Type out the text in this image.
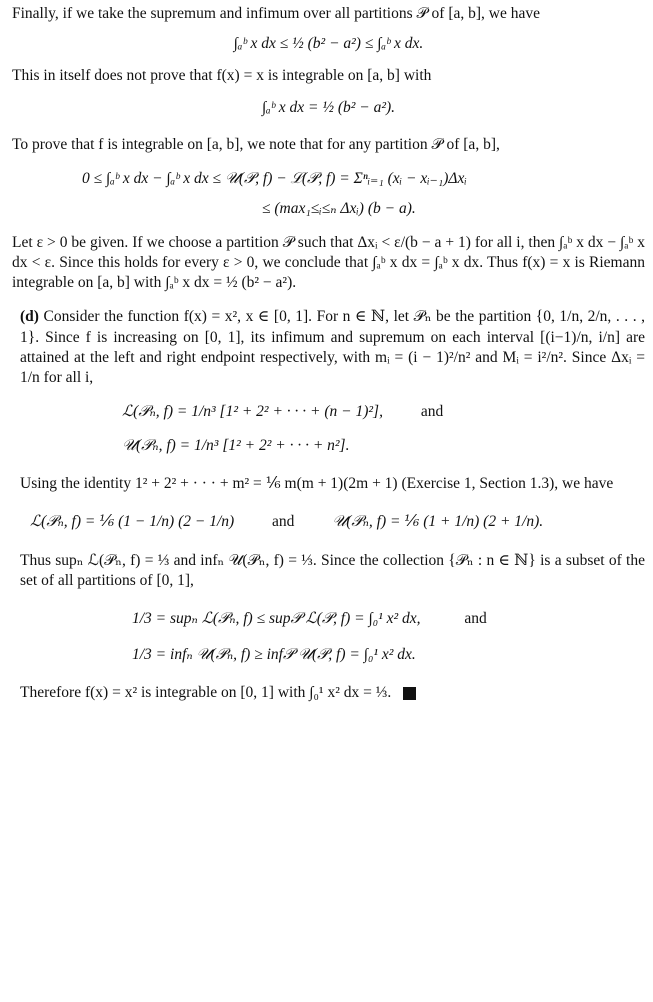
Finally, if we take the supremum and infimum over all partitions 𝒫 of [a, b], we have
∫ₐᵇ x dx ≤ ½ (b² − a²) ≤ ∫ₐᵇ x dx.
This in itself does not prove that f(x) = x is integrable on [a, b] with
∫ₐᵇ x dx = ½ (b² − a²).
To prove that f is integrable on [a, b], we note that for any partition 𝒫 of [a, b],
0 ≤ ∫ₐᵇ x dx − ∫ₐᵇ x dx ≤ 𝒰(𝒫, f) − ℒ(𝒫, f) = Σⁿᵢ₌₁ (xᵢ − xᵢ₋₁)Δxᵢ
≤ (max₁≤ᵢ≤ₙ Δxᵢ) (b − a).
Let ε > 0 be given. If we choose a partition 𝒫 such that Δxᵢ < ε/(b − a + 1) for all i, then ∫ₐᵇ x dx − ∫ₐᵇ x dx < ε. Since this holds for every ε > 0, we conclude that ∫ₐᵇ x dx = ∫ₐᵇ x dx. Thus f(x) = x is Riemann integrable on [a, b] with ∫ₐᵇ x dx = ½ (b² − a²).
(d) Consider the function f(x) = x², x ∈ [0, 1]. For n ∈ ℕ, let 𝒫ₙ be the partition {0, 1/n, 2/n, . . . , 1}. Since f is increasing on [0, 1], its infimum and supremum on each interval [(i−1)/n, i/n] are attained at the left and right endpoint respectively, with mᵢ = (i − 1)²/n² and Mᵢ = i²/n². Since Δxᵢ = 1/n for all i,
ℒ(𝒫ₙ, f) = 1/n³ [1² + 2² + · · · + (n − 1)²], and
𝒰(𝒫ₙ, f) = 1/n³ [1² + 2² + · · · + n²].
Using the identity 1² + 2² + · · · + m² = ⅙ m(m + 1)(2m + 1) (Exercise 1, Section 1.3), we have
ℒ(𝒫ₙ, f) = ⅙ (1 − 1/n) (2 − 1/n) and 𝒰(𝒫ₙ, f) = ⅙ (1 + 1/n) (2 + 1/n).
Thus supₙ ℒ(𝒫ₙ, f) = ⅓ and infₙ 𝒰(𝒫ₙ, f) = ⅓. Since the collection {𝒫ₙ : n ∈ ℕ} is a subset of the set of all partitions of [0, 1],
1/3 = supₙ ℒ(𝒫ₙ, f) ≤ sup𝒫 ℒ(𝒫, f) = ∫₀¹ x² dx,	and
1/3 = infₙ 𝒰(𝒫ₙ, f) ≥ inf𝒫 𝒰(𝒫, f) = ∫₀¹ x² dx.
Therefore f(x) = x² is integrable on [0, 1] with ∫₀¹ x² dx = ⅓.
